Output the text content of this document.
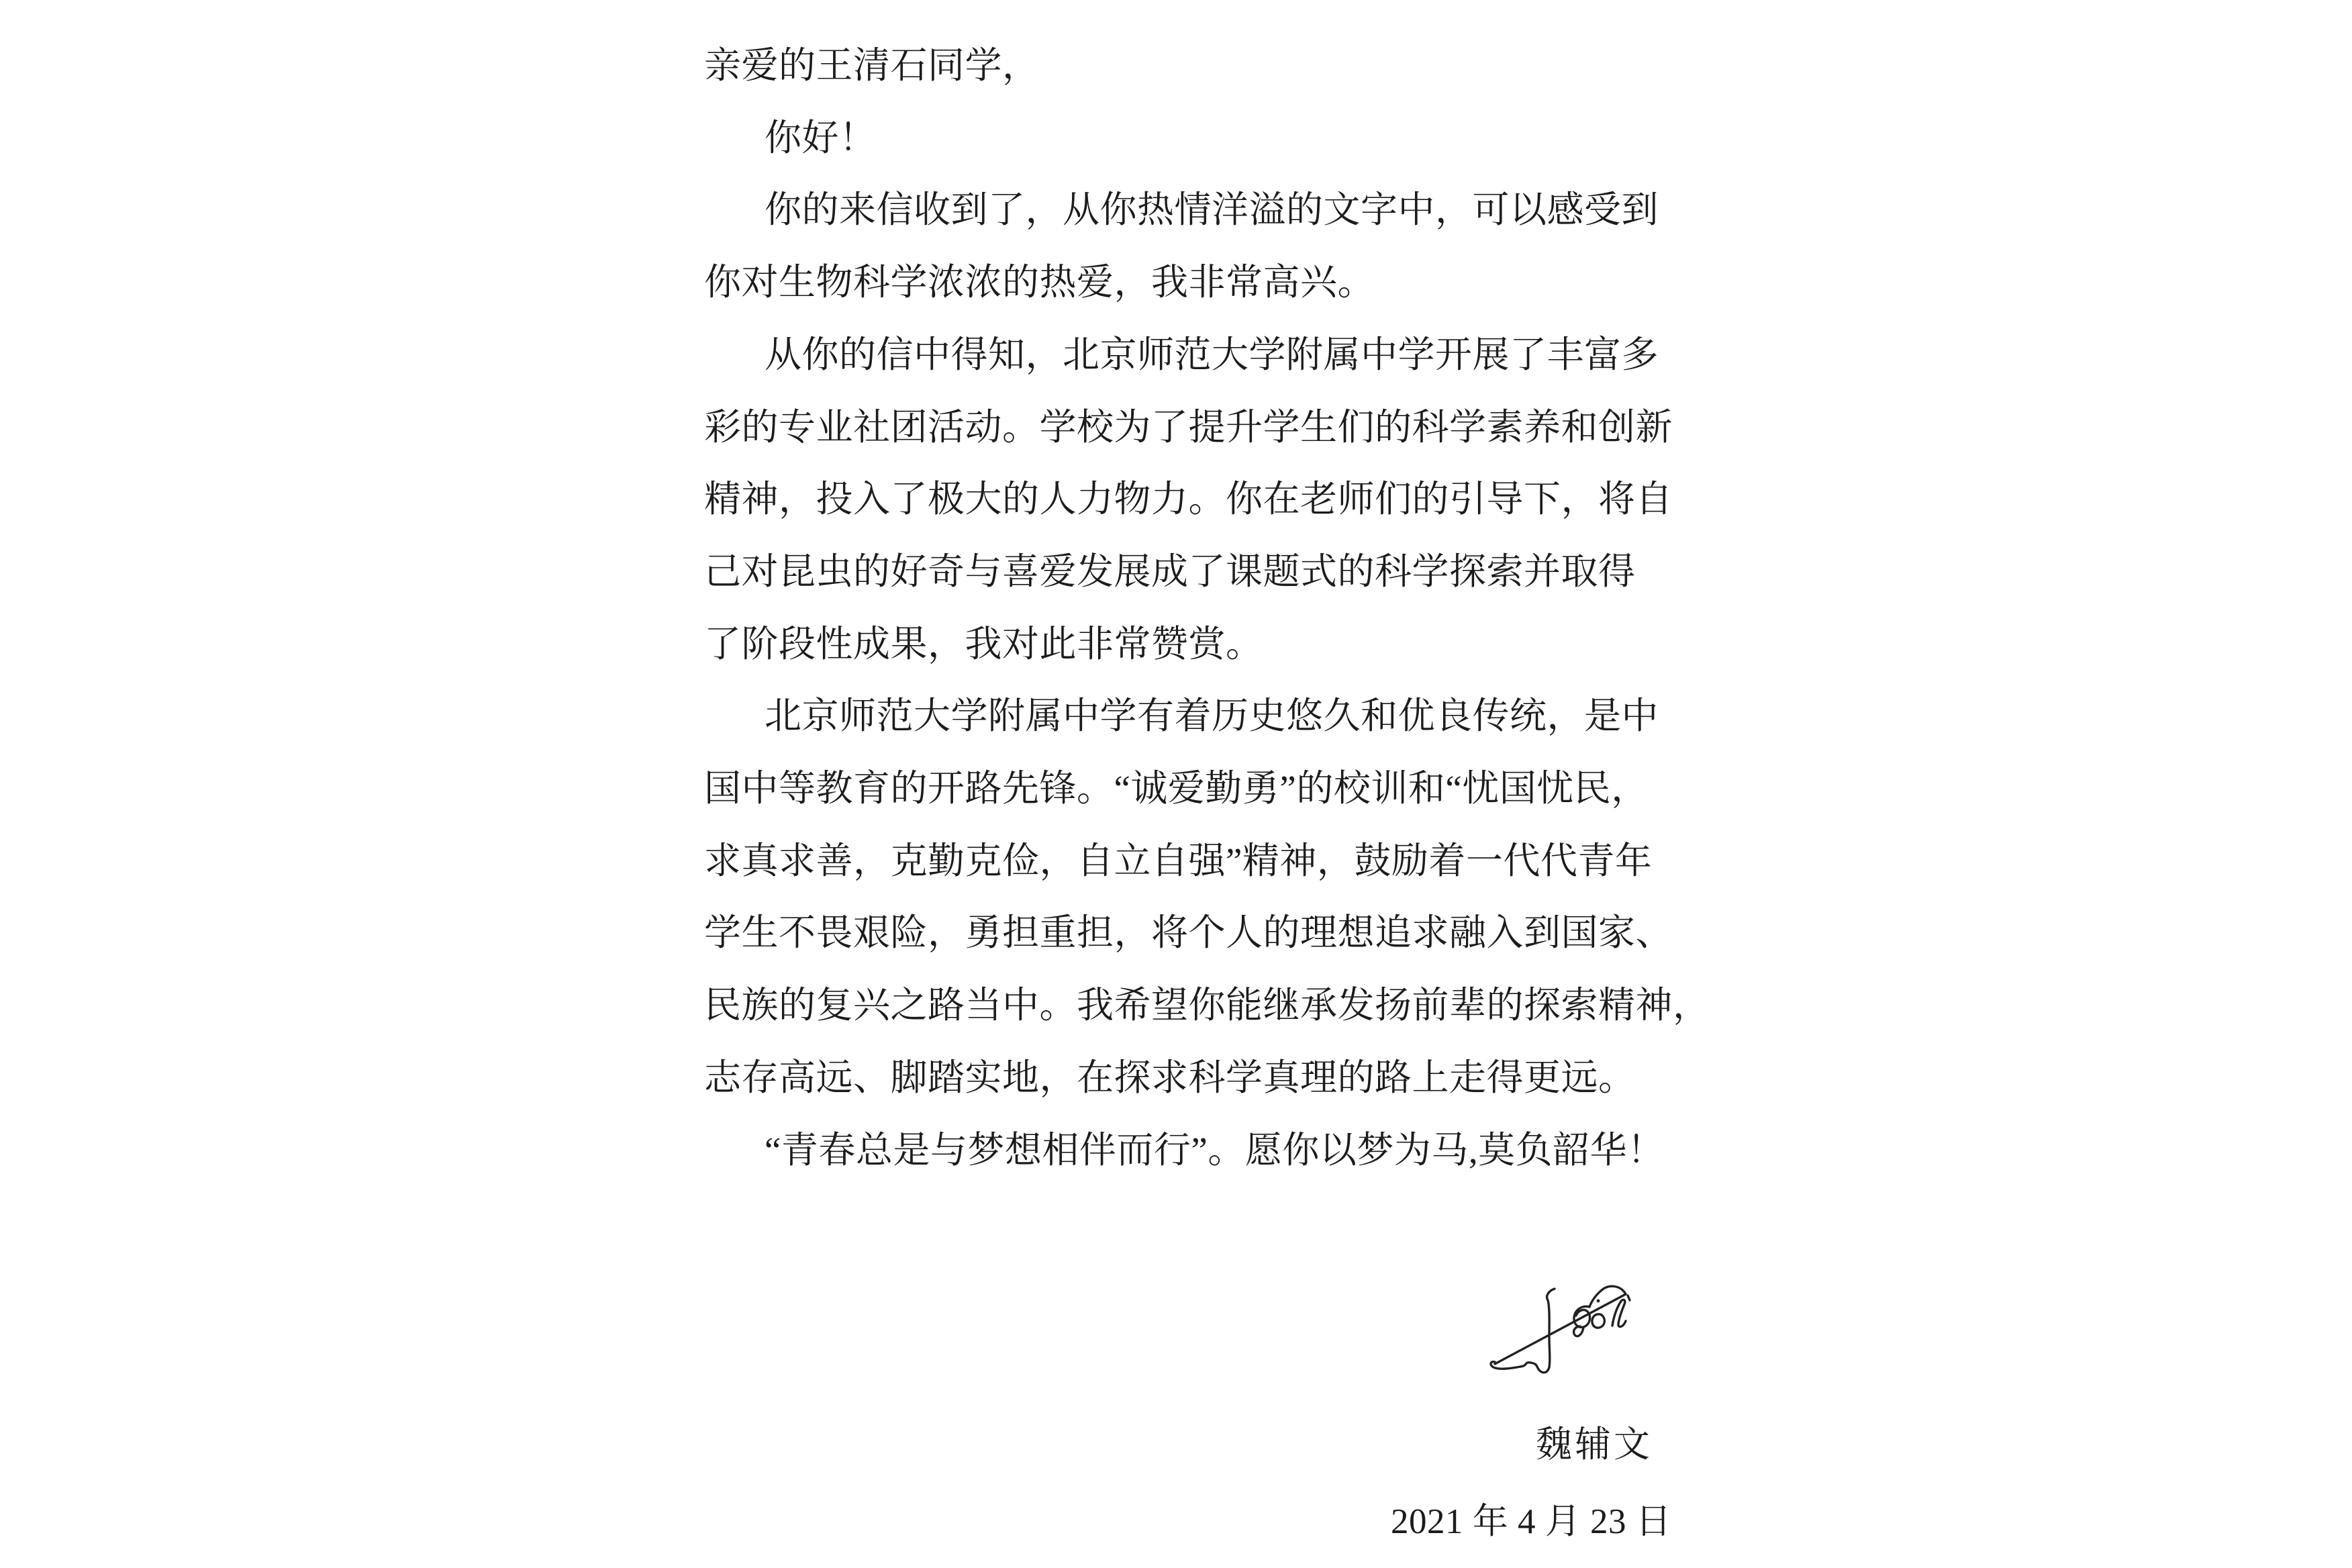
亲爱的王清石同学，
你好！
你的来信收到了，从你热情洋溢的文字中，可以感受到
你对生物科学浓浓的热爱，我非常高兴。
从你的信中得知，北京师范大学附属中学开展了丰富多
彩的专业社团活动。学校为了提升学生们的科学素养和创新
精神，投入了极大的人力物力。你在老师们的引导下，将自
己对昆虫的好奇与喜爱发展成了课题式的科学探索并取得
了阶段性成果，我对此非常赞赏。
北京师范大学附属中学有着历史悠久和优良传统，是中
国中等教育的开路先锋。“诚爱勤勇”的校训和“忧国忧民，
求真求善，克勤克俭，自立自强”精神，鼓励着一代代青年
学生不畏艰险，勇担重担，将个人的理想追求融入到国家、
民族的复兴之路当中。我希望你能继承发扬前辈的探索精神，
志存高远、脚踏实地，在探求科学真理的路上走得更远。
“青春总是与梦想相伴而行”。愿你以梦为马,莫负韶华！
魏辅文
2021 年 4 月 23 日
